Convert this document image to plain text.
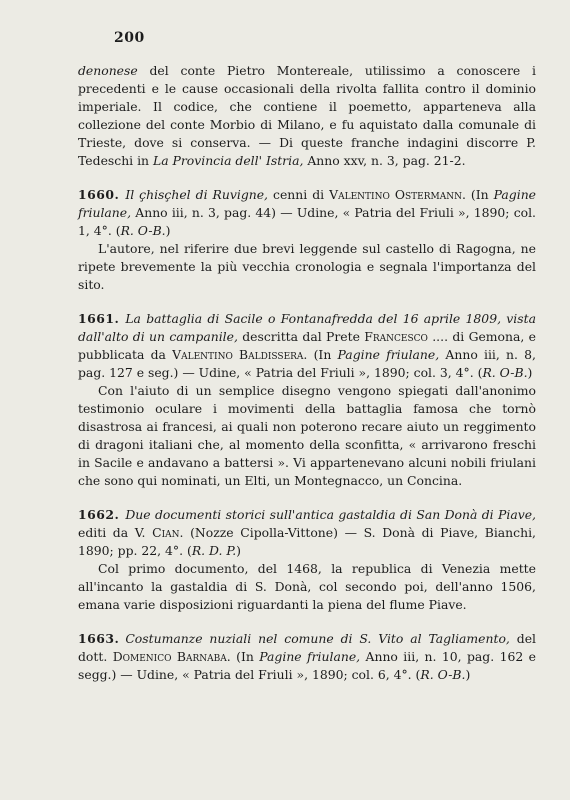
200

denonese del conte Pietro Montereale, utilissimo a conoscere i precedenti e le cause occasionali della rivolta fallita contro il dominio imperiale. Il codice, che contiene il poemetto, apparteneva alla collezione del conte Morbio di Milano, e fu aquistato dalla comunale di Trieste, dove si conserva. — Di queste franche indagini discorre P. Tedeschi in La Provincia dell' Istria, Anno xxv, n. 3, pag. 21-2.

1660. Il çhisçhel di Ruvigne, cenni di Valentino Ostermann. (In Pagine friulane, Anno iii, n. 3, pag. 44) — Udine, « Patria del Friuli », 1890; col. 1, 4°. (R. O-B.)

L'autore, nel riferire due brevi leggende sul castello di Ragogna, ne ripete brevemente la più vecchia cronologia e segnala l'importanza del sito.

1661. La battaglia di Sacile o Fontanafredda del 16 aprile 1809, vista dall'alto di un campanile, descritta dal Prete Francesco .... di Gemona, e pubblicata da Valentino Baldissera. (In Pagine friulane, Anno iii, n. 8, pag. 127 e seg.) — Udine, « Patria del Friuli », 1890; col. 3, 4°. (R. O-B.)

Con l'aiuto di un semplice disegno vengono spiegati dall'anonimo testimonio oculare i movimenti della battaglia famosa che tornò disastrosa ai francesi, ai quali non poterono recare aiuto un reggimento di dragoni italiani che, al momento della sconfitta, « arrivarono freschi in Sacile e andavano a battersi ». Vi appartenevano alcuni nobili friulani che sono qui nominati, un Elti, un Montegnacco, un Concina.

1662. Due documenti storici sull'antica gastaldia di San Donà di Piave, editi da V. Cian. (Nozze Cipolla-Vittone) — S. Donà di Piave, Bianchi, 1890; pp. 22, 4°. (R. D. P.)

Col primo documento, del 1468, la republica di Venezia mette all'incanto la gastaldia di S. Donà, col secondo poi, dell'anno 1506, emana varie disposizioni riguardanti la piena del flume Piave.

1663. Costumanze nuziali nel comune di S. Vito al Tagliamento, del dott. Domenico Barnaba. (In Pagine friulane, Anno iii, n. 10, pag. 162 e segg.) — Udine, « Patria del Friuli », 1890; col. 6, 4°. (R. O-B.)
